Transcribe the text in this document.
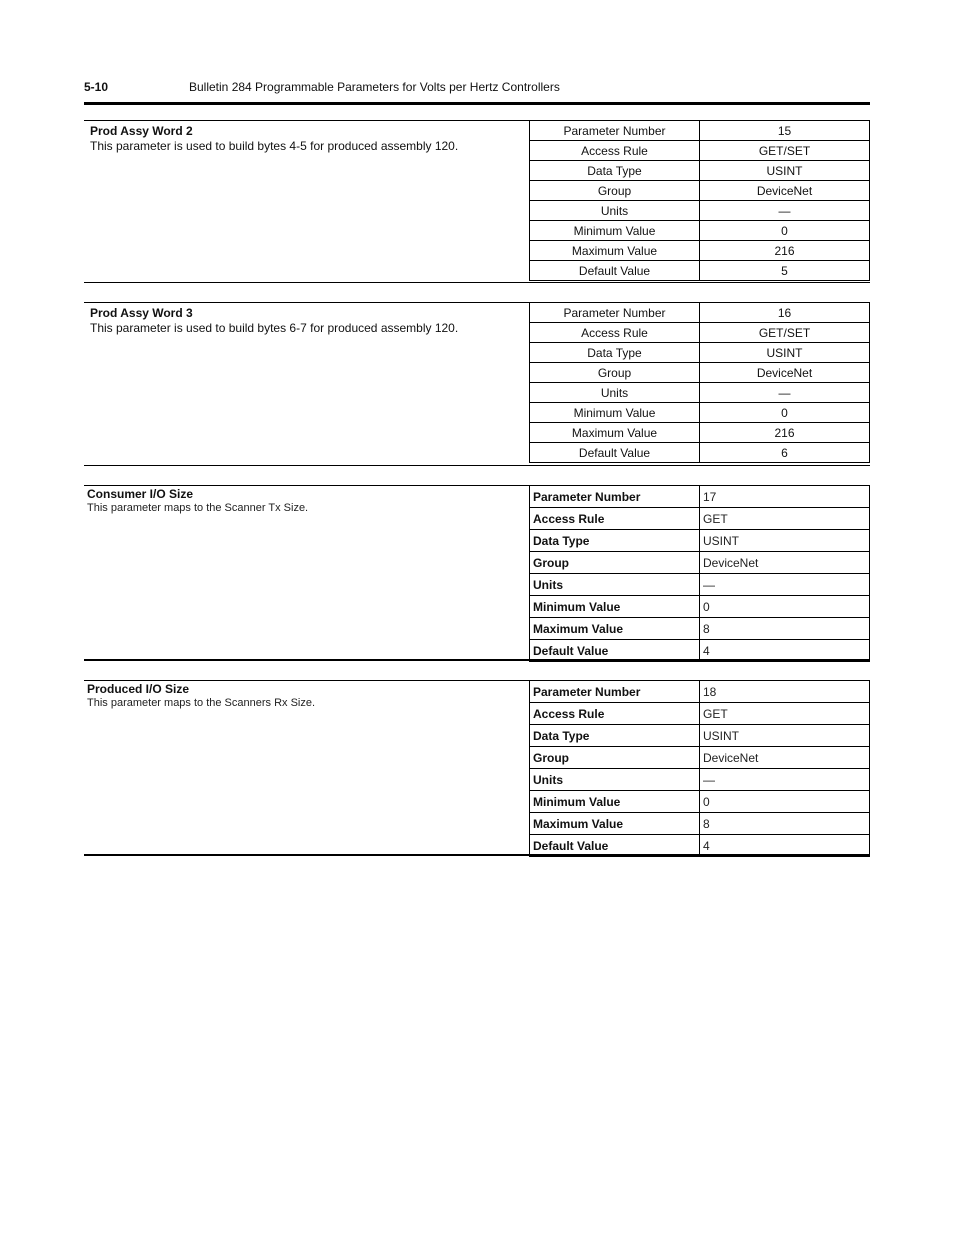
5-10	Bulletin 284 Programmable Parameters for Volts per Hertz Controllers
Prod Assy Word 2
This parameter is used to build bytes 4-5 for produced assembly 120.
Parameter Number	15
Access Rule	GET/SET
Data Type	USINT
Group	DeviceNet
Units	—
Minimum Value	0
Maximum Value	216
Default Value	5
Prod Assy Word 3
This parameter is used to build bytes 6-7 for produced assembly 120.
Parameter Number	16
Access Rule	GET/SET
Data Type	USINT
Group	DeviceNet
Units	—
Minimum Value	0
Maximum Value	216
Default Value	6
Consumer I/O Size
This parameter maps to the Scanner Tx Size.
Parameter Number	17
Access Rule	GET
Data Type	USINT
Group	DeviceNet
Units	—
Minimum Value	0
Maximum Value	8
Default Value	4
Produced I/O Size
This parameter maps to the Scanners Rx Size.
Parameter Number	18
Access Rule	GET
Data Type	USINT
Group	DeviceNet
Units	—
Minimum Value	0
Maximum Value	8
Default Value	4
